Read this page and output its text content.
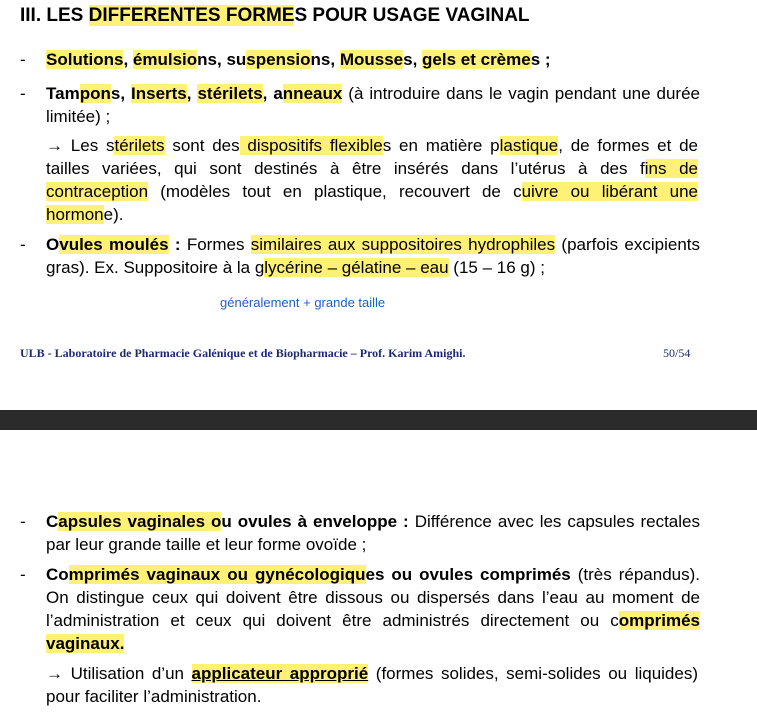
III. LES DIFFERENTES FORMES POUR USAGE VAGINAL
- Solutions, émulsions, suspensions, Mousses, gels et crèmes ;
- Tampons, Inserts, stérilets, anneaux (à introduire dans le vagin pendant une durée limitée) ;
→ Les stérilets sont des dispositifs flexibles en matière plastique, de formes et de tailles variées, qui sont destinés à être insérés dans l’utérus à des fins de contraception (modèles tout en plastique, recouvert de cuivre ou libérant une hormone).
- Ovules moulés : Formes similaires aux suppositoires hydrophiles (parfois excipients gras). Ex. Suppositoire à la glycérine – gélatine – eau (15 – 16 g) ;
généralement + grande taille
ULB - Laboratoire de Pharmacie Galénique et de Biopharmacie – Prof. Karim Amighi.	50/54
- Capsules vaginales ou ovules à enveloppe : Différence avec les capsules rectales par leur grande taille et leur forme ovoïde ;
- Comprimés vaginaux ou gynécologiques ou ovules comprimés (très répandus). On distingue ceux qui doivent être dissous ou dispersés dans l’eau au moment de l’administration et ceux qui doivent être administrés directement ou comprimés vaginaux.
→ Utilisation d’un applicateur approprié (formes solides, semi-solides ou liquides) pour faciliter l’administration.
